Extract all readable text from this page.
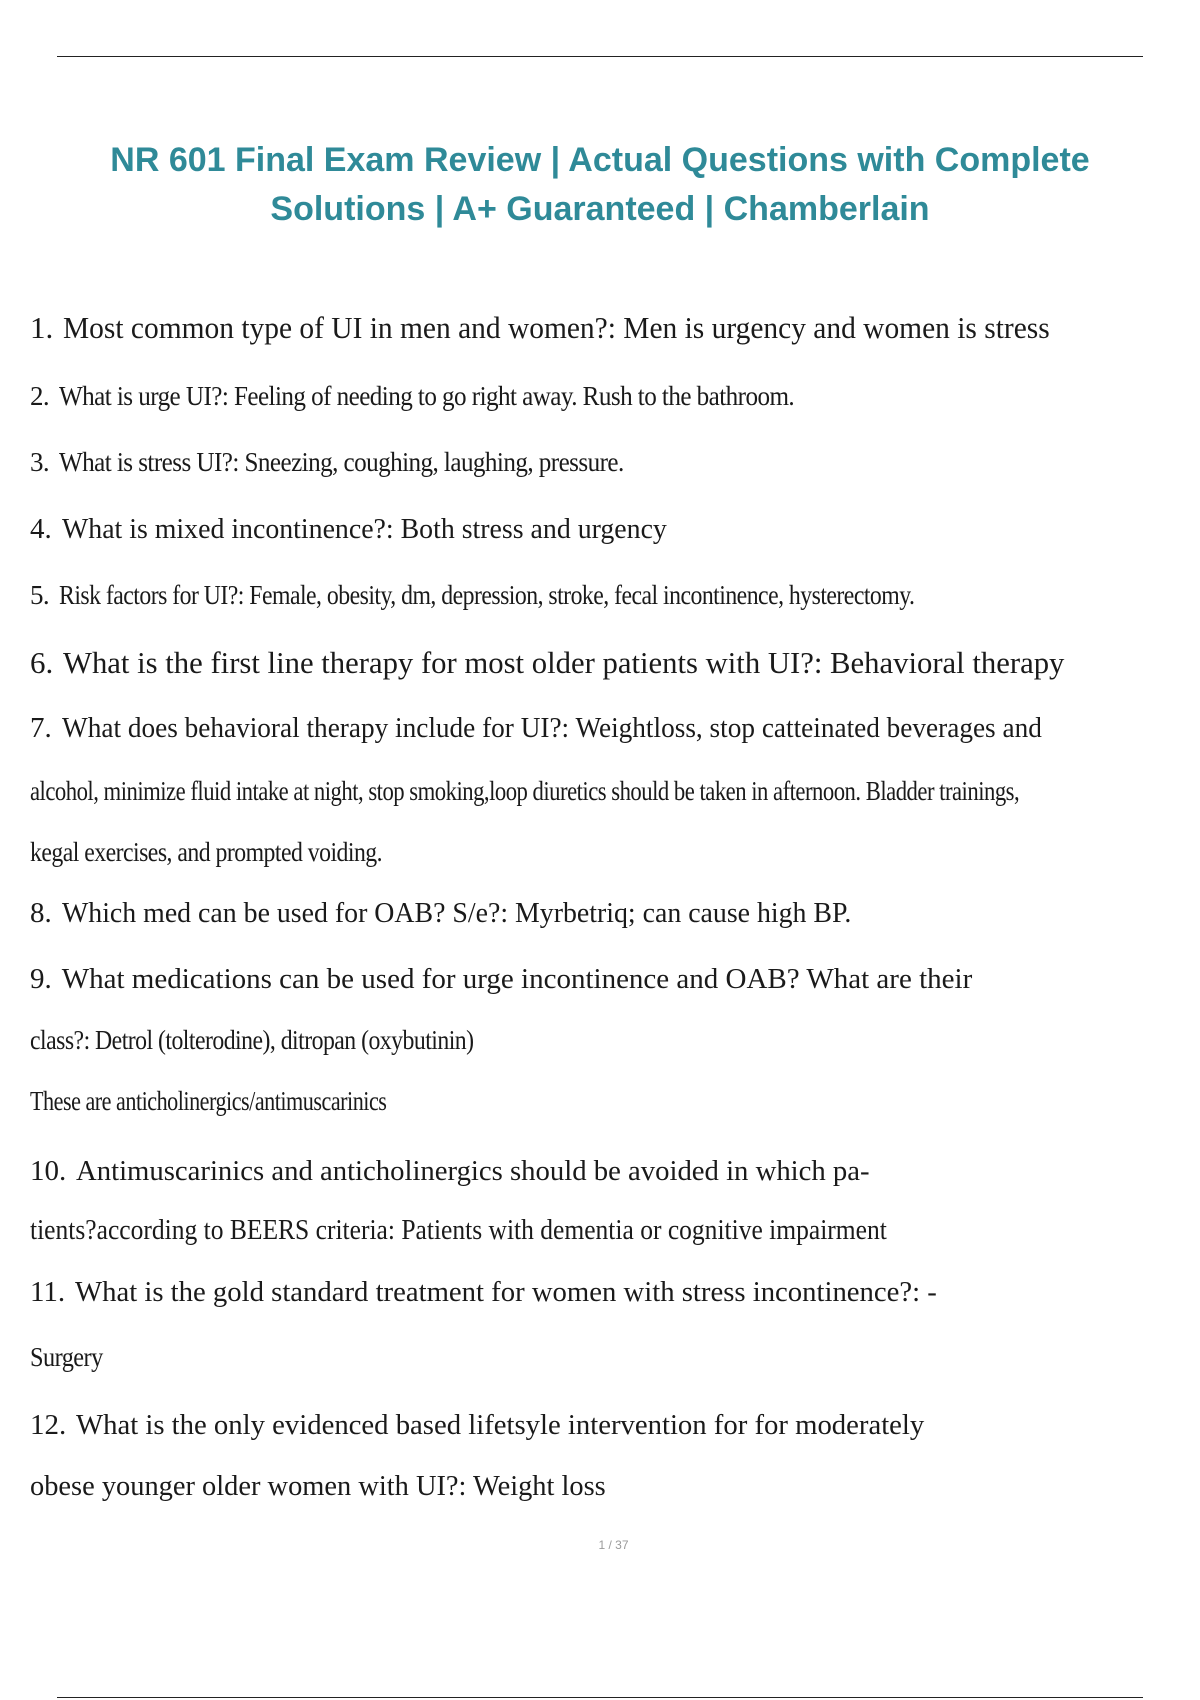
NR 601 Final Exam Review | Actual Questions with Complete
Solutions | A+ Guaranteed | Chamberlain

1. Most common type of UI in men and women?: Men is urgency and women is stress

2. What is urge UI?: Feeling of needing to go right away. Rush to the bathroom.

3. What is stress UI?: Sneezing, coughing, laughing, pressure.

4. What is mixed incontinence?: Both stress and urgency

5. Risk factors for UI?: Female, obesity, dm, depression, stroke, fecal incontinence, hysterectomy.

6. What is the first line therapy for most older patients with UI?: Behavioral therapy

7. What does behavioral therapy include for UI?: Weightloss, stop catteinated beverages and

alcohol, minimize fluid intake at night, stop smoking,loop diuretics should be taken in afternoon. Bladder trainings,

kegal exercises, and prompted voiding.

8. Which med can be used for OAB? S/e?: Myrbetriq; can cause high BP.

9. What medications can be used for urge incontinence and OAB? What are their

class?: Detrol (tolterodine), ditropan (oxybutinin)

These are anticholinergics/antimuscarinics

10. Antimuscarinics and anticholinergics should be avoided in which pa-

tients?according to BEERS criteria: Patients with dementia or cognitive impairment

11. What is the gold standard treatment for women with stress incontinence?: -

Surgery

12. What is the only evidenced based lifetsyle intervention for for moderately

obese younger older women with UI?: Weight loss

1 / 37
